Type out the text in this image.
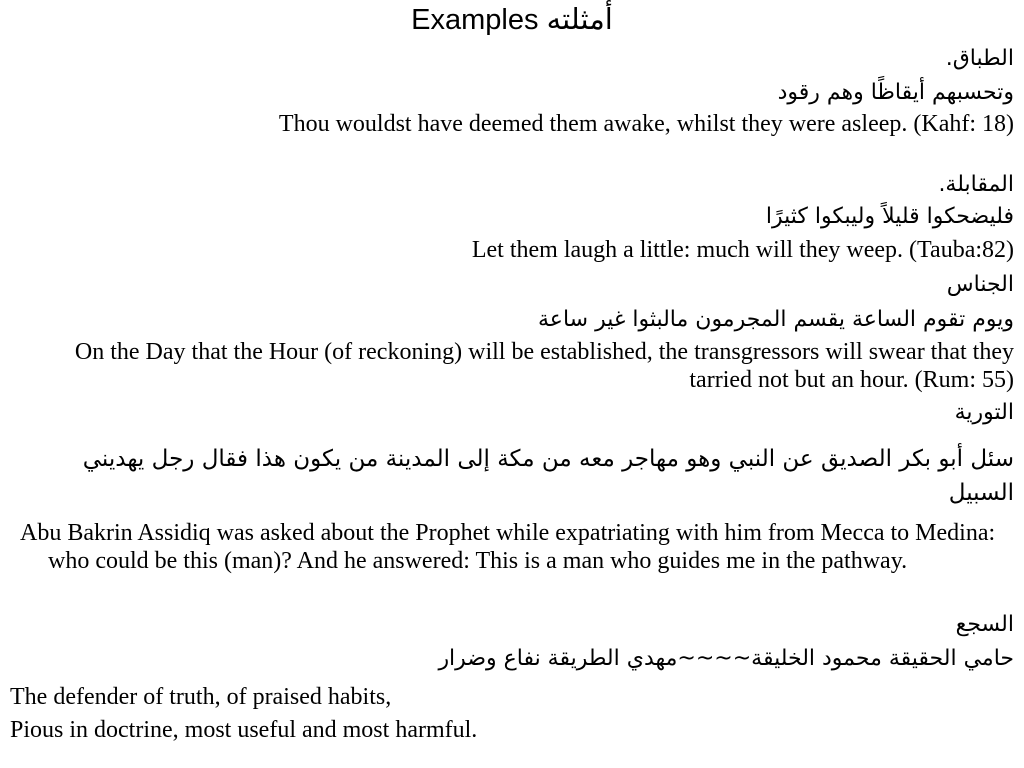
Examples أمثلته
الطباق.
وتحسبهم أيقاظًا وهم رقود
Thou wouldst have deemed them awake, whilst they were asleep. (Kahf: 18)
المقابلة.
فليضحكوا قليلاً وليبكوا كثيرًا
Let them laugh a little: much will they weep. (Tauba:82)
الجناس
ويوم تقوم الساعة يقسم المجرمون مالبثوا غير ساعة
On the Day that the Hour (of reckoning) will be established, the transgressors will swear that they tarried not but an hour. (Rum: 55)
التورية
سئل أبو بكر الصديق عن النبي وهو مهاجر معه من مكة إلى المدينة من يكون هذا فقال رجل يهديني السبيل
Abu Bakrin Assidiq was asked about the Prophet while expatriating with him from Mecca to Medina: who could be this (man)? And he answered: This is a man who guides me in the pathway.
السجع
حامي الحقيقة محمود الخليقة~~~~مهدي الطريقة نفاع وضرار
The defender of truth, of praised habits,
Pious in doctrine, most useful and most harmful.
